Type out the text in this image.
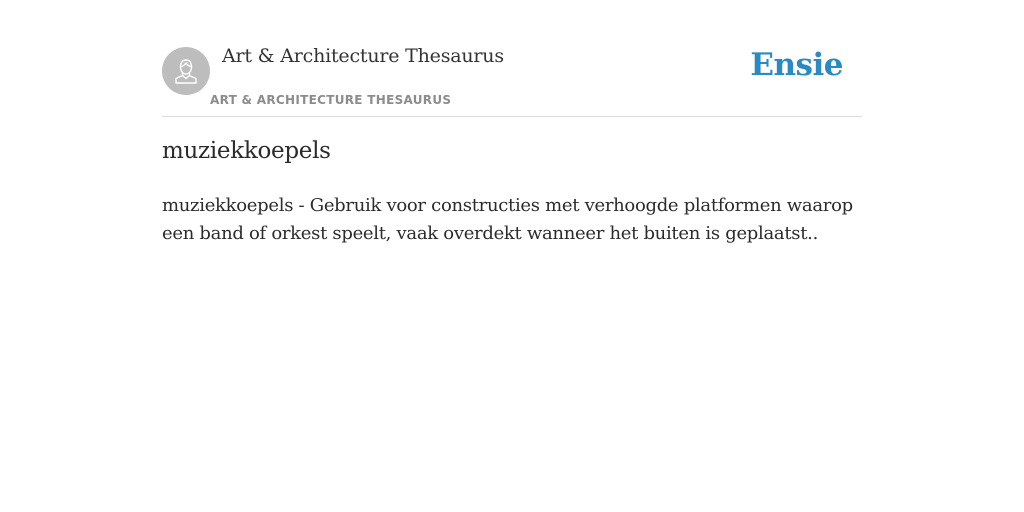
Art & Architecture Thesaurus
ART & ARCHITECTURE THESAURUS
Ensie
muziekkoepels

muziekkoepels - Gebruik voor constructies met verhoogde platformen waarop een band of orkest speelt, vaak overdekt wanneer het buiten is geplaatst..
